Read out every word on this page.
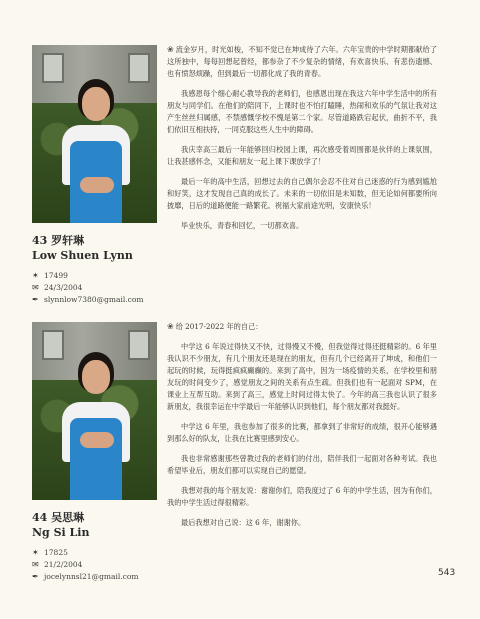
43 罗轩琳
Low Shuen Lynn
✶ 17499
✉ 24/3/2004
✒ slynnlow7380@gmail.com

❀ 流金岁月，时光如梭，不知不觉已在坤成待了六年。六年宝贵的中学时期都献给了这所独中，每每回想起曾经，都参杂了不少复杂的情绪，有欢喜快乐、有悲伤遗憾、也有愤怒烦躁，但到最后一切都化成了我的青春。

我感恩每个细心耐心教导我的老师们，也感恩出现在我这六年中学生活中的所有朋友与同学们。在他们的陪同下，上课时也不怕打瞌睡，热闹和欢乐的气氛让我对这产生丝丝归属感，不禁感慨学校不愧是第二个家。尽管道路跌宕起伏，曲折不平，我们依旧互相扶持，一同克服这些人生中的障碍。

我庆幸高三最后一年能够回归校园上课，再次感受着周围都是伙伴的上课氛围，让我甚感怀念，又能和朋友一起上课下课放学了！

最后一年的高中生活，回想过去的自己偶尔会忍不住对自己迷惑的行为感到尴尬和好笑，这才发现自己真的成长了。未来的一切依旧是未知数，但无论如何都要所向披靡，日后的道路便能一路繁花。祝福大家前途光明，安康快乐！

毕业快乐，青春和回忆，一切都欢喜。

44 吴思琳
Ng Si Lin
✶ 17825
✉ 21/2/2004
✒ jocelynnsl21@gmail.com

❀ 给 2017-2022 年的自己：

中学这 6 年说过得快又不快，过得慢又不慢，但我觉得过得还挺精彩的。6 年里我认识不少朋友，有几个朋友还是现在的朋友，但有几个已经离开了坤成，和他们一起玩的时候，玩得挺疯疯癫癫的。来到了高中，因为一场疫情的关系，在学校里和朋友玩的时间变少了，感觉朋友之间的关系有点生疏。但我们也有一起面对 SPM，在课业上互帮互助。来到了高三，感觉上时间过得太快了。今年的高三我也认识了很多新朋友，我很幸运在中学最后一年能够认识到他们，每个朋友都对我挺好。

中学这 6 年里，我也参加了很多的比赛，都拿到了非常好的成绩，很开心能够遇到那么好的队友，让我在比赛里感到安心。

我也非常感谢那些曾教过我的老师们的付出，陪伴我们一起面对各种考试。我也希望毕业后，朋友们都可以实现自己的愿望。

我想对我的每个朋友说：谢谢你们，陪我度过了 6 年的中学生活，因为有你们，我的中学生活过得很精彩。

最后我想对自己说：这 6 年，谢谢你。

543
